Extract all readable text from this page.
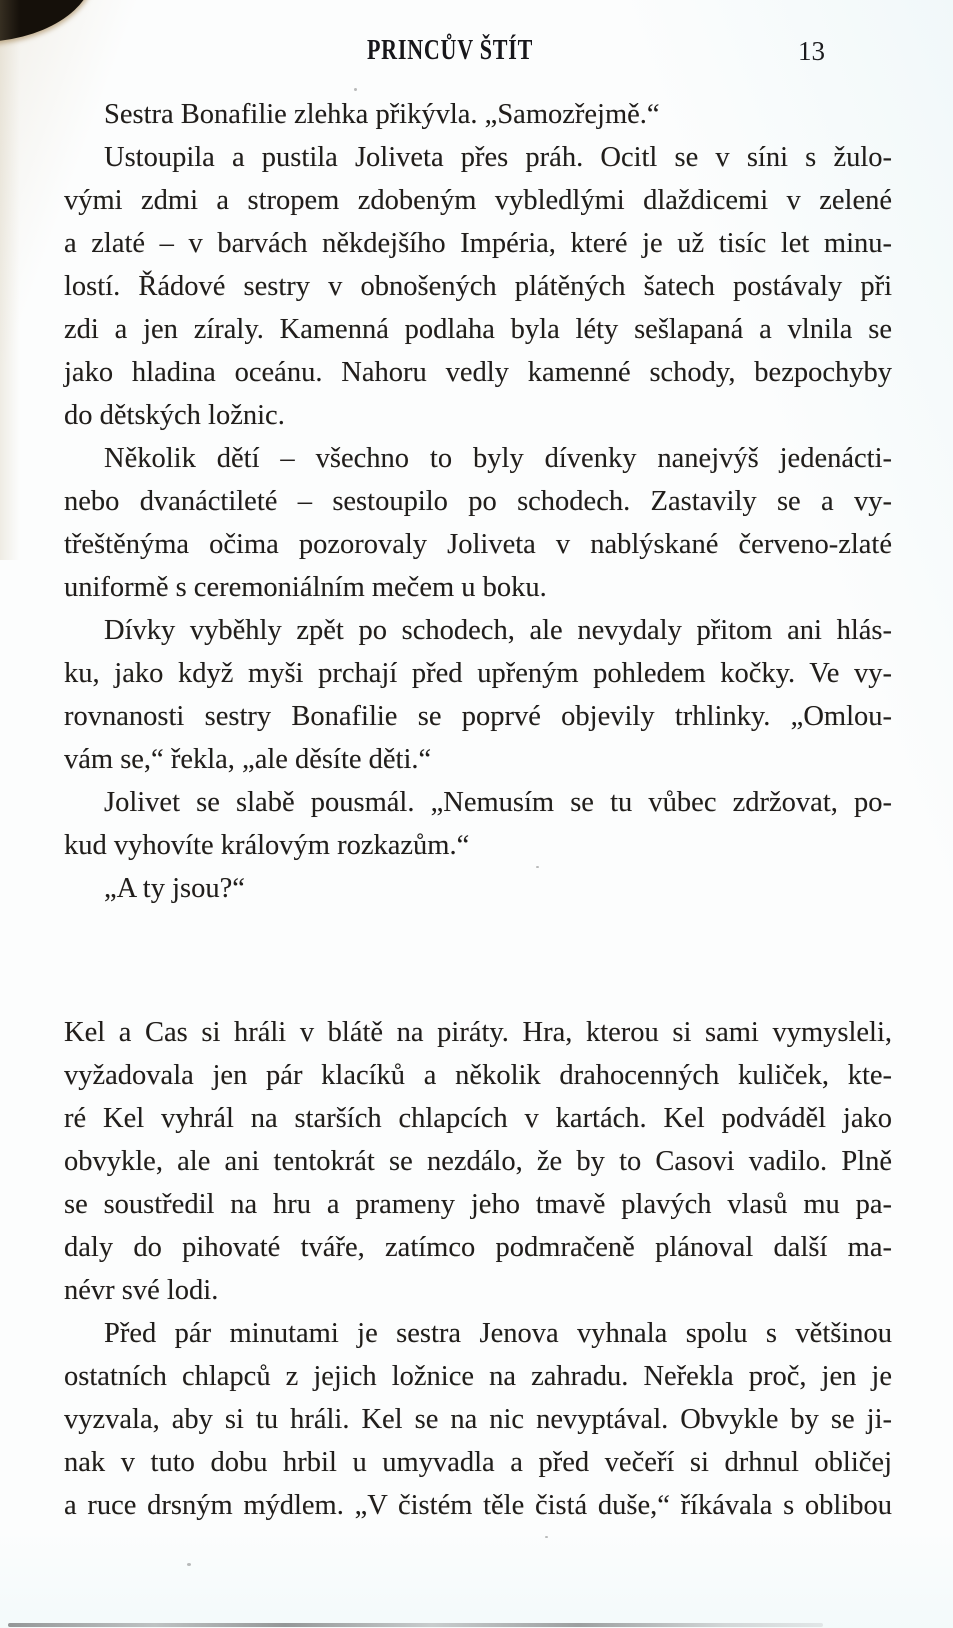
PRINCŮV ŠTÍT	13
Sestra Bonafilie zlehka přikývla. „Samozřejmě.“
Ustoupila a pustila Joliveta přes práh. Ocitl se v síni s žulo-
vými zdmi a stropem zdobeným vybledlými dlaždicemi v zelené
a zlaté – v barvách někdejšího Impéria, které je už tisíc let minu-
lostí. Řádové sestry v obnošených plátěných šatech postávaly při
zdi a jen zíraly. Kamenná podlaha byla léty sešlapaná a vlnila se
jako hladina oceánu. Nahoru vedly kamenné schody, bezpochyby
do dětských ložnic.
Několik dětí – všechno to byly dívenky nanejvýš jedenácti-
nebo dvanáctileté – sestoupilo po schodech. Zastavily se a vy-
třeštěnýma očima pozorovaly Joliveta v nablýskané červeno-zlaté
uniformě s ceremoniálním mečem u boku.
Dívky vyběhly zpět po schodech, ale nevydaly přitom ani hlás-
ku, jako když myši prchají před upřeným pohledem kočky. Ve vy-
rovnanosti sestry Bonafilie se poprvé objevily trhlinky. „Omlou-
vám se,“ řekla, „ale děsíte děti.“
Jolivet se slabě pousmál. „Nemusím se tu vůbec zdržovat, po-
kud vyhovíte královým rozkazům.“
„A ty jsou?“
Kel a Cas si hráli v blátě na piráty. Hra, kterou si sami vymysleli,
vyžadovala jen pár klacíků a několik drahocenných kuliček, kte-
ré Kel vyhrál na starších chlapcích v kartách. Kel podváděl jako
obvykle, ale ani tentokrát se nezdálo, že by to Casovi vadilo. Plně
se soustředil na hru a prameny jeho tmavě plavých vlasů mu pa-
daly do pihovaté tváře, zatímco podmračeně plánoval další ma-
névr své lodi.
Před pár minutami je sestra Jenova vyhnala spolu s většinou
ostatních chlapců z jejich ložnice na zahradu. Neřekla proč, jen je
vyzvala, aby si tu hráli. Kel se na nic nevyptával. Obvykle by se ji-
nak v tuto dobu hrbil u umyvadla a před večeří si drhnul obličej
a ruce drsným mýdlem. „V čistém těle čistá duše,“ říkávala s oblibou
